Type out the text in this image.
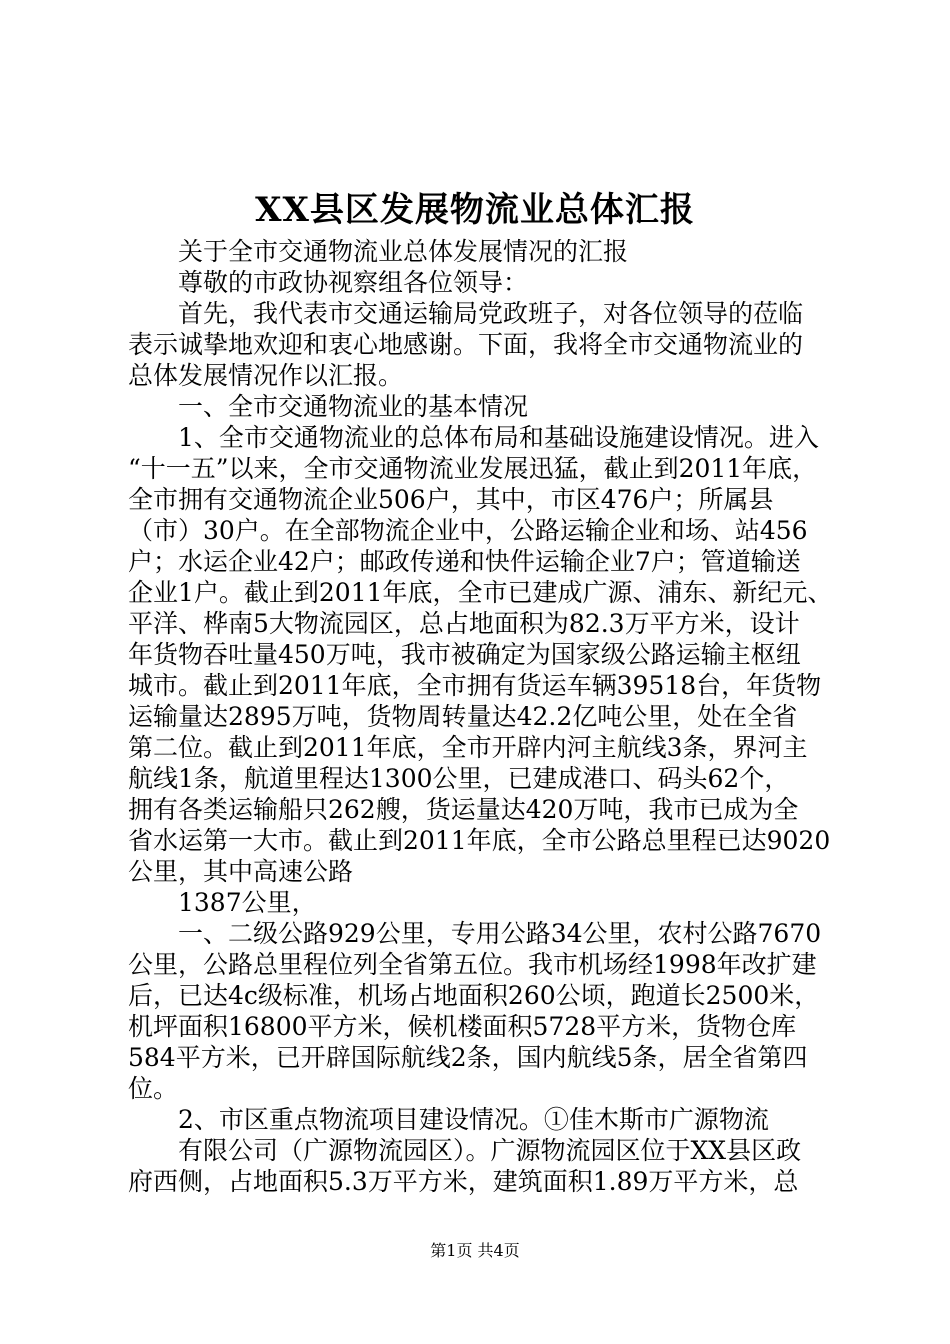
XX县区发展物流业总体汇报
关于全市交通物流业总体发展情况的汇报
尊敬的市政协视察组各位领导：
首先，我代表市交通运输局党政班子，对各位领导的莅临
表示诚挚地欢迎和衷心地感谢。下面，我将全市交通物流业的
总体发展情况作以汇报。
一、全市交通物流业的基本情况
1、全市交通物流业的总体布局和基础设施建设情况。进入
“十一五”以来，全市交通物流业发展迅猛，截止到2011年底，
全市拥有交通物流企业506户，其中，市区476户；所属县
（市）30户。在全部物流企业中，公路运输企业和场、站456
户；水运企业42户；邮政传递和快件运输企业7户；管道输送
企业1户。截止到2011年底，全市已建成广源、浦东、新纪元、
平洋、桦南5大物流园区，总占地面积为82.3万平方米，设计
年货物吞吐量450万吨，我市被确定为国家级公路运输主枢纽
城市。截止到2011年底，全市拥有货运车辆39518台，年货物
运输量达2895万吨，货物周转量达42.2亿吨公里，处在全省
第二位。截止到2011年底，全市开辟内河主航线3条，界河主
航线1条，航道里程达1300公里，已建成港口、码头62个，
拥有各类运输船只262艘，货运量达420万吨，我市已成为全
省水运第一大市。截止到2011年底，全市公路总里程已达9020
公里，其中高速公路
1387公里，
一、二级公路929公里，专用公路34公里，农村公路7670
公里，公路总里程位列全省第五位。我市机场经1998年改扩建
后，已达4c级标准，机场占地面积260公顷，跑道长2500米，
机坪面积16800平方米，候机楼面积5728平方米，货物仓库
584平方米，已开辟国际航线2条，国内航线5条，居全省第四
位。
2、市区重点物流项目建设情况。①佳木斯市广源物流
有限公司（广源物流园区）。广源物流园区位于XX县区政
府西侧，占地面积5.3万平方米，建筑面积1.89万平方米，总
第1页 共4页
